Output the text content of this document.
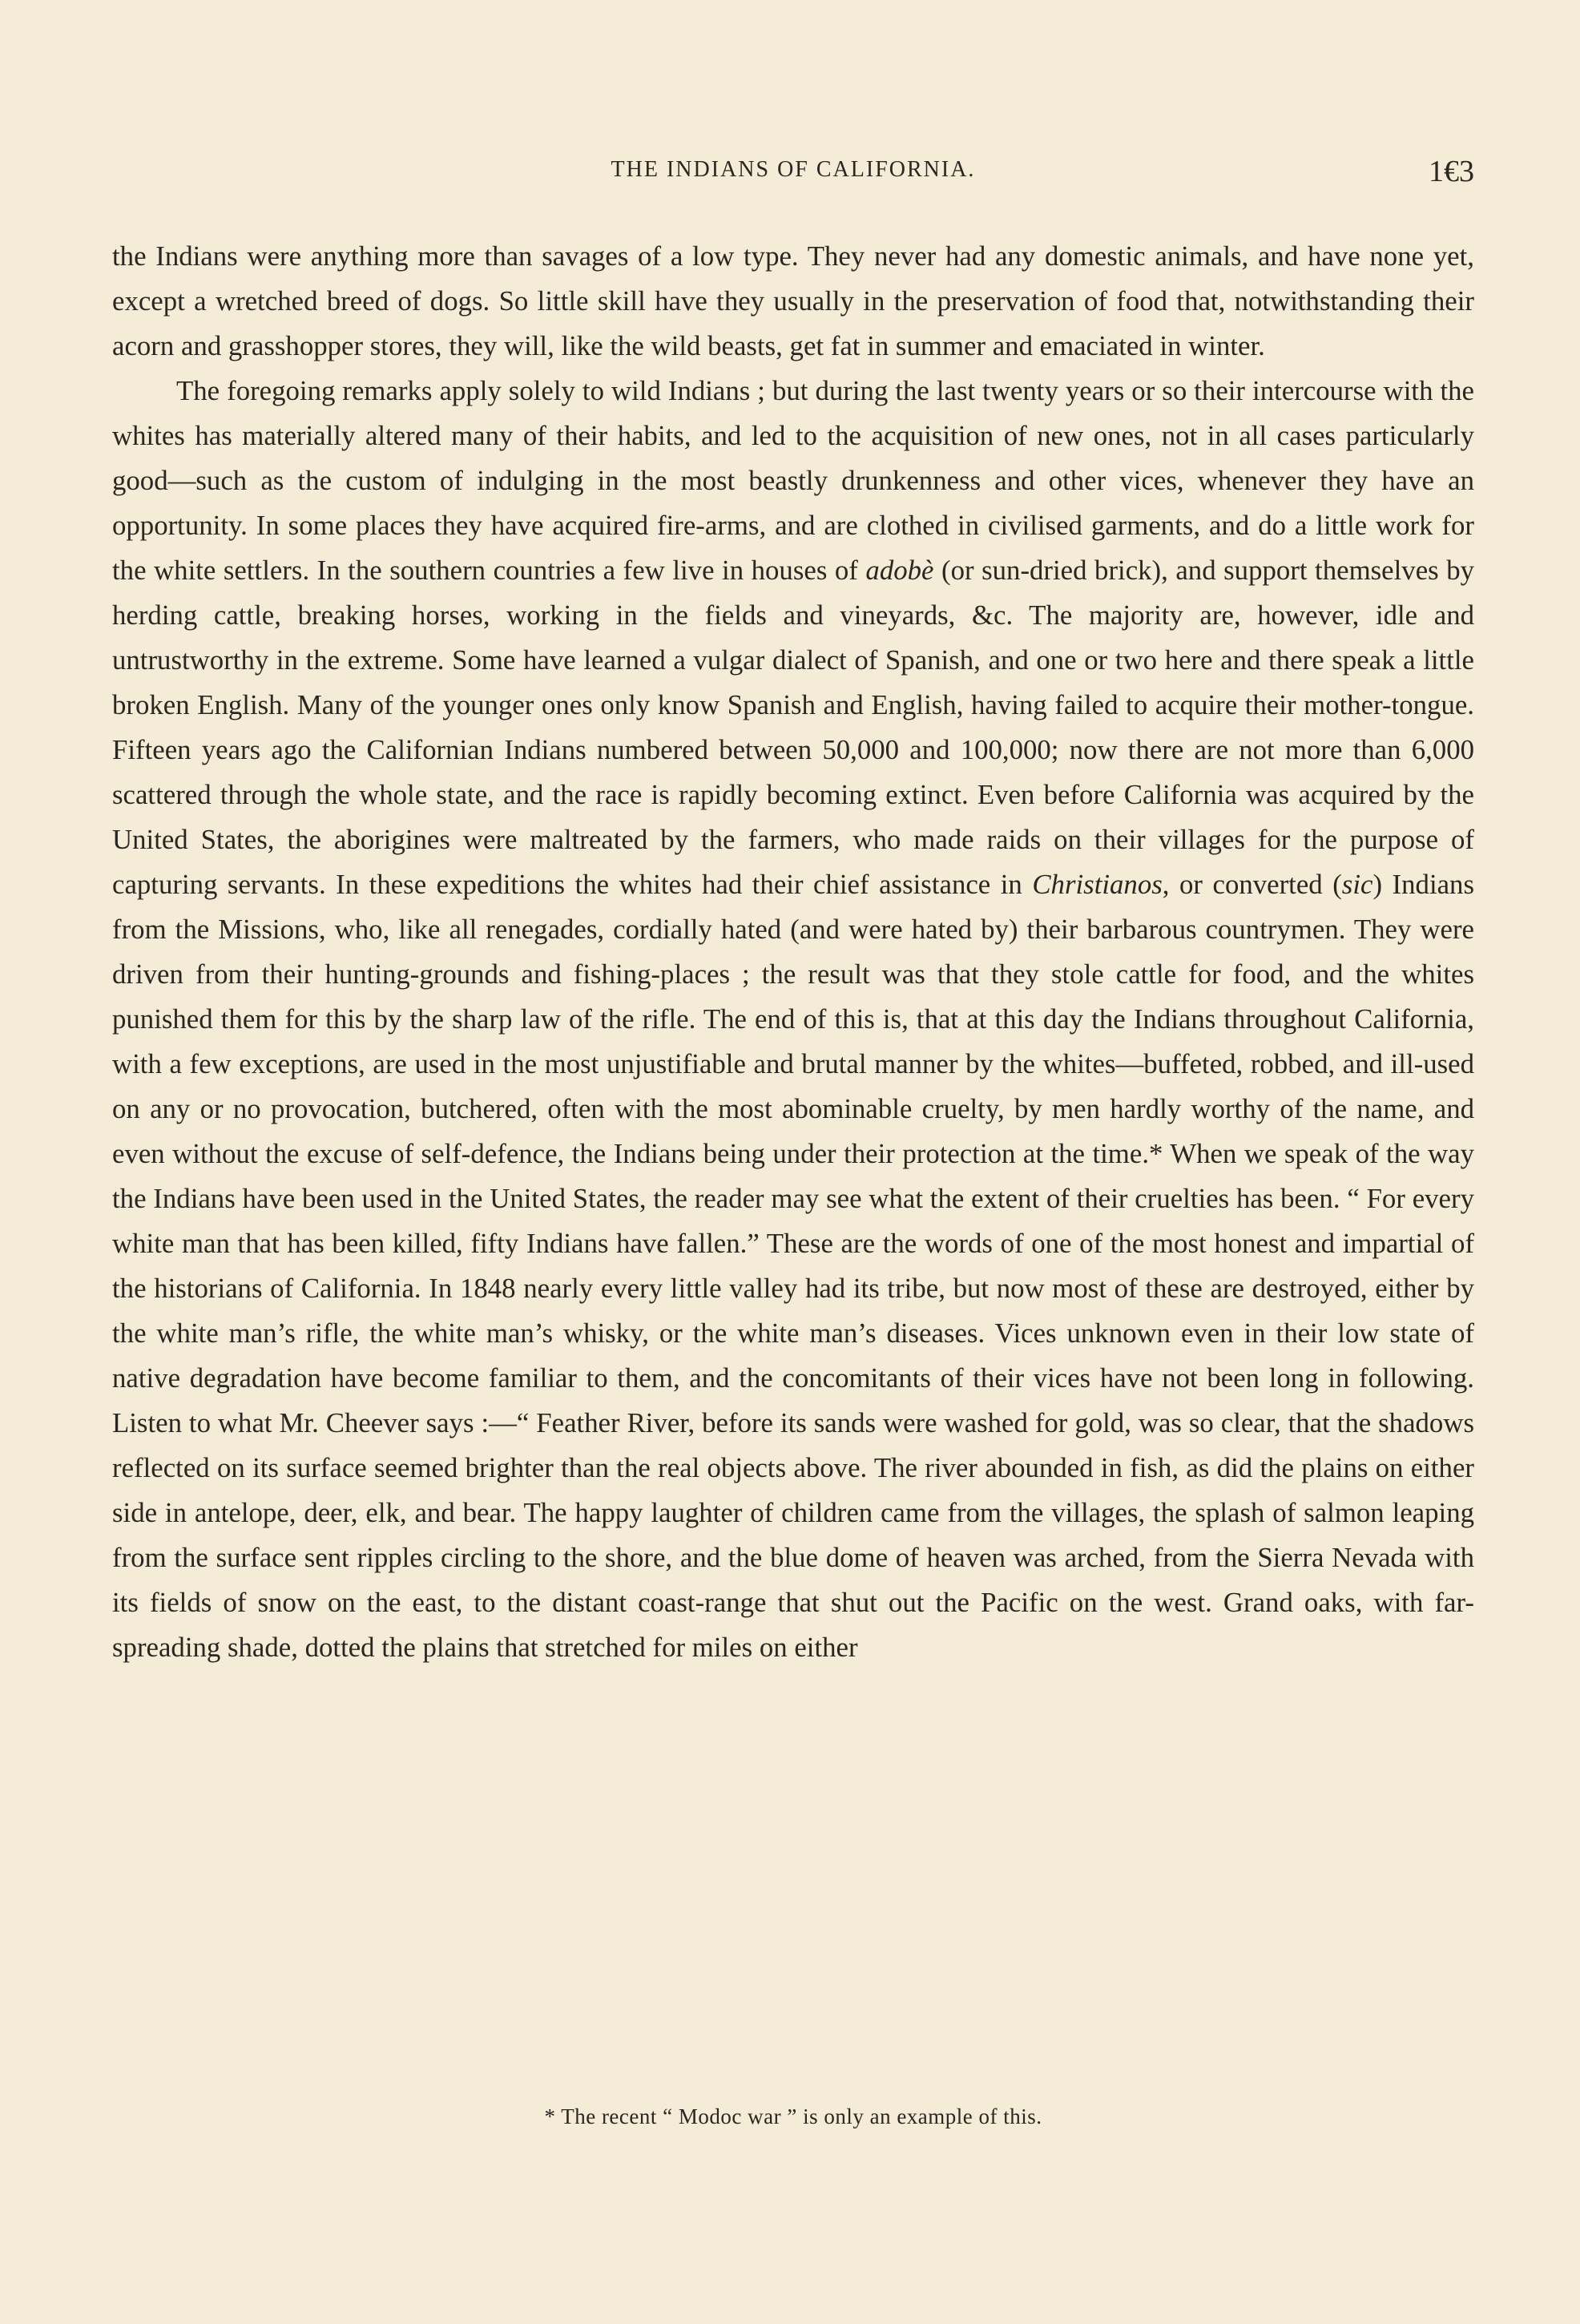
THE INDIANS OF CALIFORNIA.	1€3

the Indians were anything more than savages of a low type. They never had any domestic animals, and have none yet, except a wretched breed of dogs. So little skill have they usually in the preservation of food that, notwithstanding their acorn and grasshopper stores, they will, like the wild beasts, get fat in summer and emaciated in winter.

The foregoing remarks apply solely to wild Indians ; but during the last twenty years or so their intercourse with the whites has materially altered many of their habits, and led to the acquisition of new ones, not in all cases particularly good—such as the custom of indulging in the most beastly drunkenness and other vices, whenever they have an opportunity. In some places they have acquired fire-arms, and are clothed in civilised garments, and do a little work for the white settlers. In the southern countries a few live in houses of adobè (or sun-dried brick), and support themselves by herding cattle, breaking horses, working in the fields and vineyards, &c. The majority are, however, idle and untrustworthy in the extreme. Some have learned a vulgar dialect of Spanish, and one or two here and there speak a little broken English. Many of the younger ones only know Spanish and English, having failed to acquire their mother-tongue. Fifteen years ago the Californian Indians numbered between 50,000 and 100,000; now there are not more than 6,000 scattered through the whole state, and the race is rapidly becoming extinct. Even before California was acquired by the United States, the aborigines were maltreated by the farmers, who made raids on their villages for the purpose of capturing servants. In these expeditions the whites had their chief assistance in Christianos, or converted (sic) Indians from the Missions, who, like all renegades, cordially hated (and were hated by) their barbarous countrymen. They were driven from their hunting-grounds and fishing-places ; the result was that they stole cattle for food, and the whites punished them for this by the sharp law of the rifle. The end of this is, that at this day the Indians throughout California, with a few exceptions, are used in the most unjustifiable and brutal manner by the whites—buffeted, robbed, and ill-used on any or no provocation, butchered, often with the most abominable cruelty, by men hardly worthy of the name, and even without the excuse of self-defence, the Indians being under their protection at the time.* When we speak of the way the Indians have been used in the United States, the reader may see what the extent of their cruelties has been. “ For every white man that has been killed, fifty Indians have fallen.” These are the words of one of the most honest and impartial of the historians of California. In 1848 nearly every little valley had its tribe, but now most of these are destroyed, either by the white man’s rifle, the white man’s whisky, or the white man’s diseases. Vices unknown even in their low state of native degradation have become familiar to them, and the concomitants of their vices have not been long in following. Listen to what Mr. Cheever says :—“ Feather River, before its sands were washed for gold, was so clear, that the shadows reflected on its surface seemed brighter than the real objects above. The river abounded in fish, as did the plains on either side in antelope, deer, elk, and bear. The happy laughter of children came from the villages, the splash of salmon leaping from the surface sent ripples circling to the shore, and the blue dome of heaven was arched, from the Sierra Nevada with its fields of snow on the east, to the distant coast-range that shut out the Pacific on the west. Grand oaks, with far-spreading shade, dotted the plains that stretched for miles on either

* The recent “ Modoc war ” is only an example of this.
